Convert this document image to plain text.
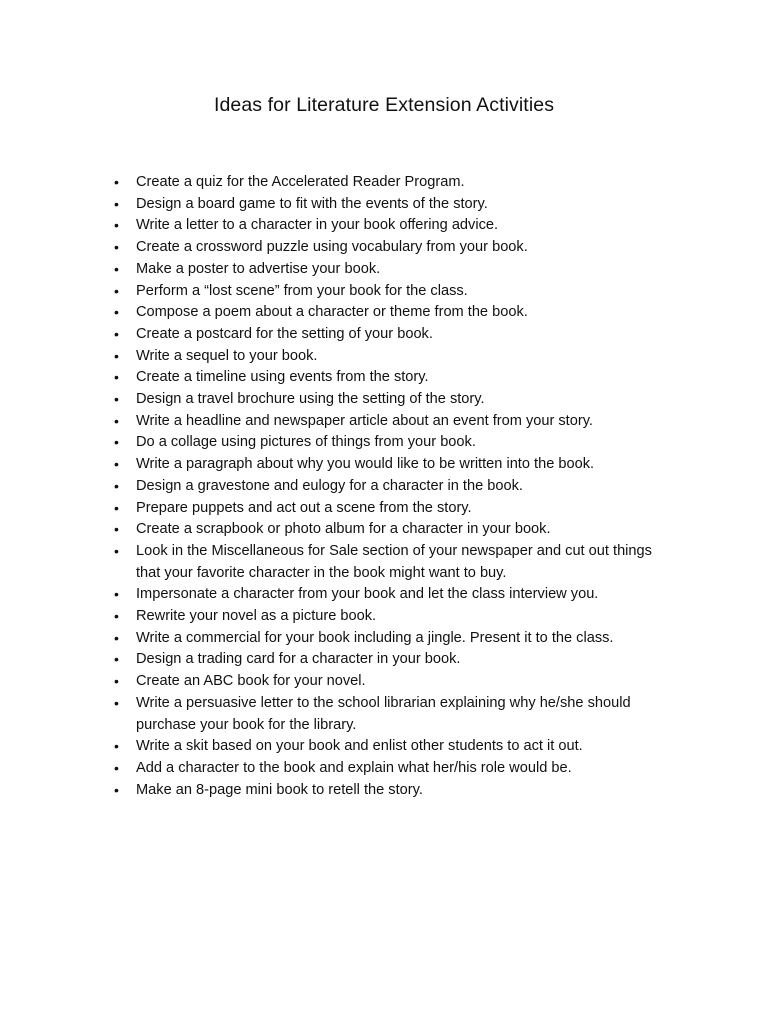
Ideas for Literature Extension Activities
• Create a quiz for the Accelerated Reader Program.
• Design a board game to fit with the events of the story.
• Write a letter to a character in your book offering advice.
• Create a crossword puzzle using vocabulary from your book.
• Make a poster to advertise your book.
• Perform a “lost scene” from your book for the class.
• Compose a poem about a character or theme from the book.
• Create a postcard for the setting of your book.
• Write a sequel to your book.
• Create a timeline using events from the story.
• Design a travel brochure using the setting of the story.
• Write a headline and newspaper article about an event from your story.
• Do a collage using pictures of things from your book.
• Write a paragraph about why you would like to be written into the book.
• Design a gravestone and eulogy for a character in the book.
• Prepare puppets and act out a scene from the story.
• Create a scrapbook or photo album for a character in your book.
• Look in the Miscellaneous for Sale section of your newspaper and cut out things that your favorite character in the book might want to buy.
• Impersonate a character from your book and let the class interview you.
• Rewrite your novel as a picture book.
• Write a commercial for your book including a jingle. Present it to the class.
• Design a trading card for a character in your book.
• Create an ABC book for your novel.
• Write a persuasive letter to the school librarian explaining why he/she should purchase your book for the library.
• Write a skit based on your book and enlist other students to act it out.
• Add a character to the book and explain what her/his role would be.
• Make an 8-page mini book to retell the story.
